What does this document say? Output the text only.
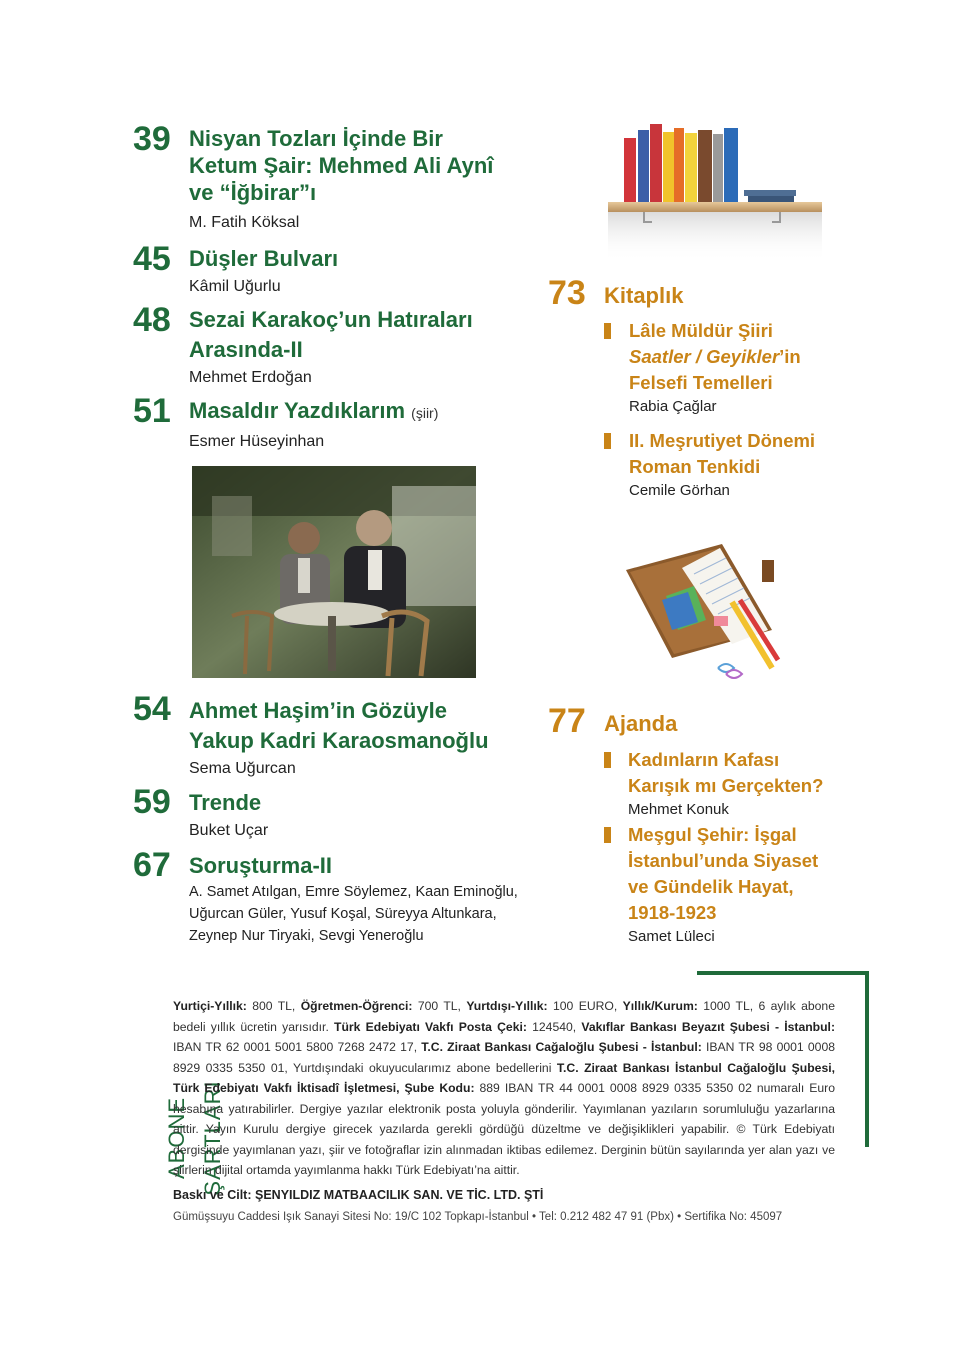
39 Nisyan Tozları İçinde Bir
Ketum Şair: Mehmed Ali Aynî
ve “İğbirar”ı
M. Fatih Köksal
45 Düşler Bulvarı
Kâmil Uğurlu
48 Sezai Karakoç’un Hatıraları
Arasında-II
Mehmet Erdoğan
51 Masaldır Yazdıklarım (şiir)
Esmer Hüseyinhan
54 Ahmet Haşim’in Gözüyle
Yakup Kadri Karaosmanoğlu
Sema Uğurcan
59 Trende
Buket Uçar
67 Soruşturma-II
A. Samet Atılgan, Emre Söylemez, Kaan Eminoğlu,
Uğurcan Güler, Yusuf Koşal, Süreyya Altunkara,
Zeynep Nur Tiryaki, Sevgi Yeneroğlu
73 Kitaplık
Lâle Müldür Şiiri
Saatler / Geyikler’in
Felsefi Temelleri
Rabia Çağlar
II. Meşrutiyet Dönemi
Roman Tenkidi
Cemile Görhan
77 Ajanda
Kadınların Kafası
Karışık mı Gerçekten?
Mehmet Konuk
Meşgul Şehir: İşgal
İstanbul’unda Siyaset
ve Gündelik Hayat,
1918-1923
Samet Lüleci
ABONE ŞARTLARI
Yurtiçi-Yıllık: 800 TL, Öğretmen-Öğrenci: 700 TL, Yurtdışı-Yıllık: 100 EURO, Yıllık/Kurum: 1000 TL, 6 aylık abone bedeli yıllık ücretin yarısıdır. Türk Edebiyatı Vakfı Posta Çeki: 124540, Vakıflar Bankası Beyazıt Şubesi - İstanbul: IBAN TR 62 0001 5001 5800 7268 2472 17, T.C. Ziraat Bankası Cağaloğlu Şubesi - İstanbul: IBAN TR 98 0001 0008 8929 0335 5350 01, Yurtdışındaki okuyucularımız abone bedellerini T.C. Ziraat Bankası İstanbul Cağaloğlu Şubesi, Türk Edebiyatı Vakfı İktisadî İşletmesi, Şube Kodu: 889 IBAN TR 44 0001 0008 8929 0335 5350 02 numaralı Euro hesabına yatırabilirler. Dergiye yazılar elektronik posta yoluyla gönderilir. Yayımlanan yazıların sorumluluğu yazarlarına aittir. Yayın Kurulu dergiye girecek yazılarda gerekli gördüğü düzeltme ve değişiklikleri yapabilir. © Türk Edebiyatı dergisinde yayımlanan yazı, şiir ve fotoğraflar izin alınmadan iktibas edilemez. Derginin bütün sayılarında yer alan yazı ve şiirlerin dijital ortamda yayımlanma hakkı Türk Edebiyatı’na aittir.
Baskı ve Cilt: ŞENYILDIZ MATBAACILIK SAN. VE TİC. LTD. ŞTİ
Gümüşsuyu Caddesi Işık Sanayi Sitesi No: 19/C 102 Topkapı-İstanbul • Tel: 0.212 482 47 91 (Pbx) • Sertifika No: 45097
